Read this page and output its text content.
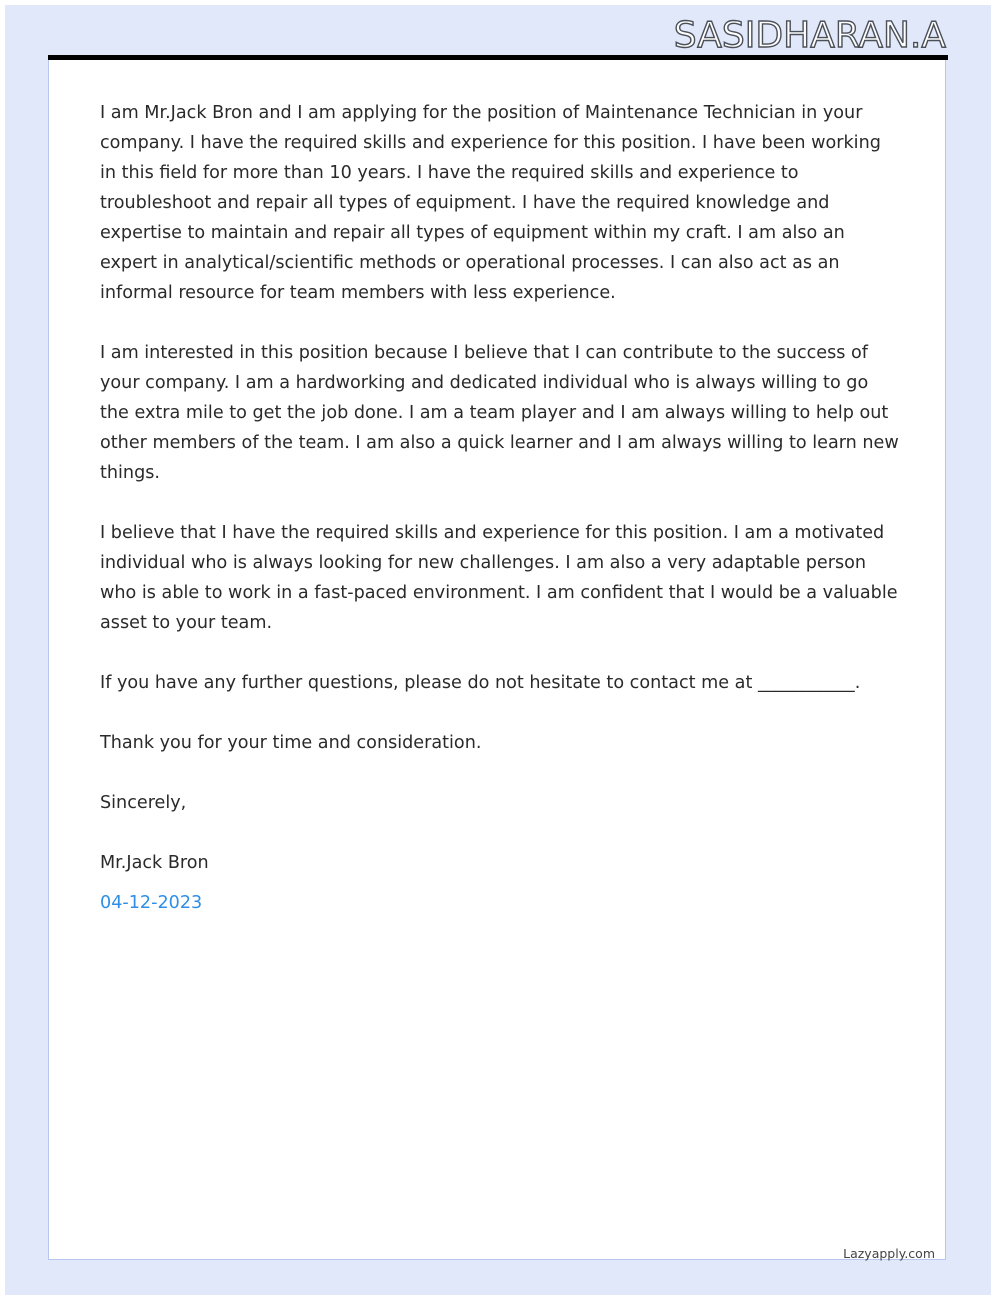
SASIDHARAN.A

I am Mr.Jack Bron and I am applying for the position of Maintenance Technician in your company. I have the required skills and experience for this position. I have been working in this field for more than 10 years. I have the required skills and experience to troubleshoot and repair all types of equipment. I have the required knowledge and expertise to maintain and repair all types of equipment within my craft. I am also an expert in analytical/scientific methods or operational processes. I can also act as an informal resource for team members with less experience.

I am interested in this position because I believe that I can contribute to the success of your company. I am a hardworking and dedicated individual who is always willing to go the extra mile to get the job done. I am a team player and I am always willing to help out other members of the team. I am also a quick learner and I am always willing to learn new things.

I believe that I have the required skills and experience for this position. I am a motivated individual who is always looking for new challenges. I am also a very adaptable person who is able to work in a fast-paced environment. I am confident that I would be a valuable asset to your team.

If you have any further questions, please do not hesitate to contact me at ___________.

Thank you for your time and consideration.

Sincerely,

Mr.Jack Bron

04-12-2023

Lazyapply.com
